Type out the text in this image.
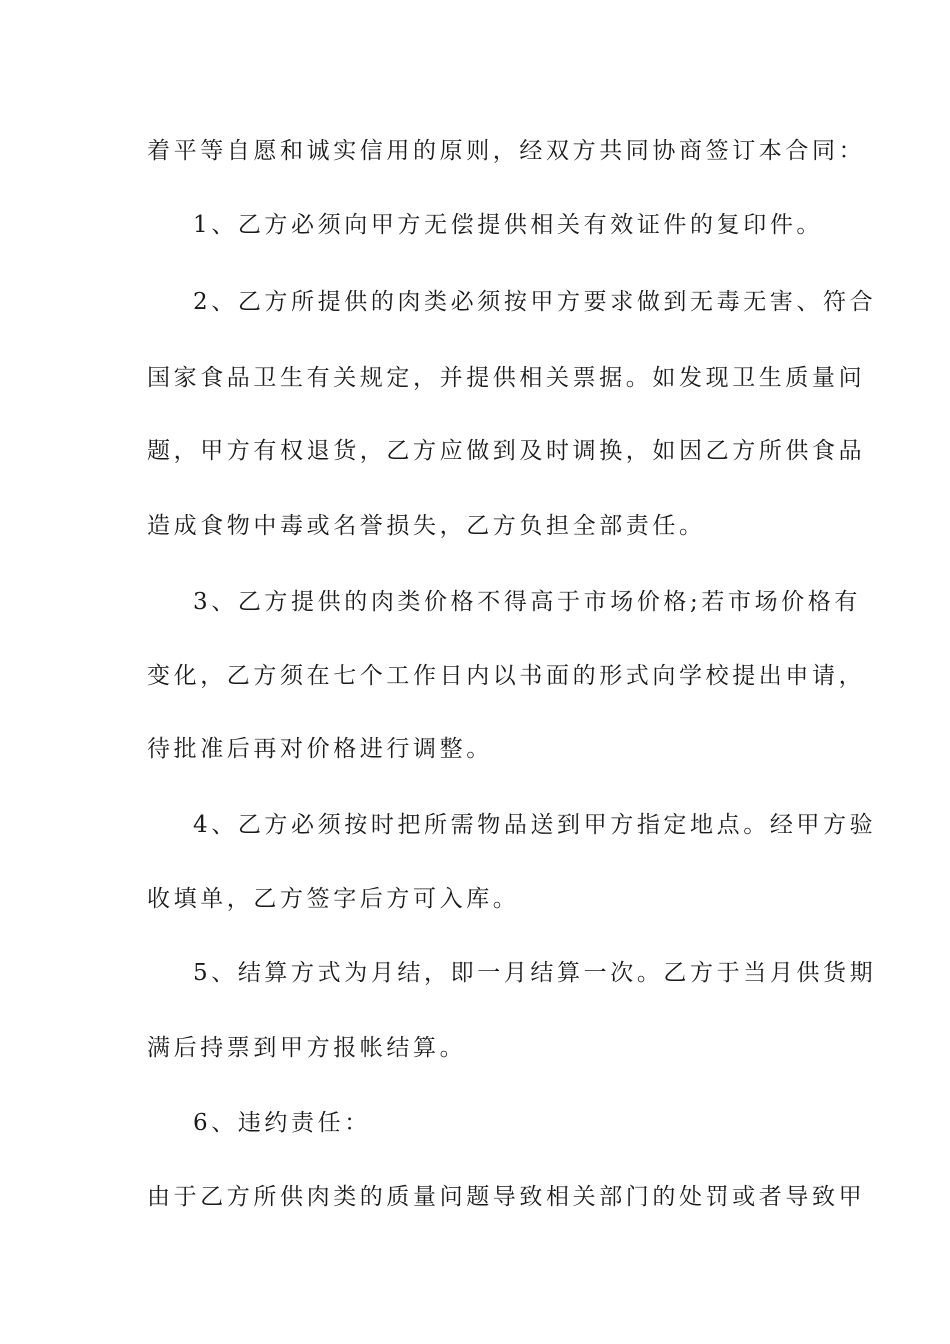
着平等自愿和诚实信用的原则，经双方共同协商签订本合同：
1、乙方必须向甲方无偿提供相关有效证件的复印件。
2、乙方所提供的肉类必须按甲方要求做到无毒无害、符合
国家食品卫生有关规定，并提供相关票据。如发现卫生质量问
题，甲方有权退货，乙方应做到及时调换，如因乙方所供食品
造成食物中毒或名誉损失，乙方负担全部责任。
3、乙方提供的肉类价格不得高于市场价格;若市场价格有
变化，乙方须在七个工作日内以书面的形式向学校提出申请，
待批准后再对价格进行调整。
4、乙方必须按时把所需物品送到甲方指定地点。经甲方验
收填单，乙方签字后方可入库。
5、结算方式为月结，即一月结算一次。乙方于当月供货期
满后持票到甲方报帐结算。
6、违约责任：
由于乙方所供肉类的质量问题导致相关部门的处罚或者导致甲
